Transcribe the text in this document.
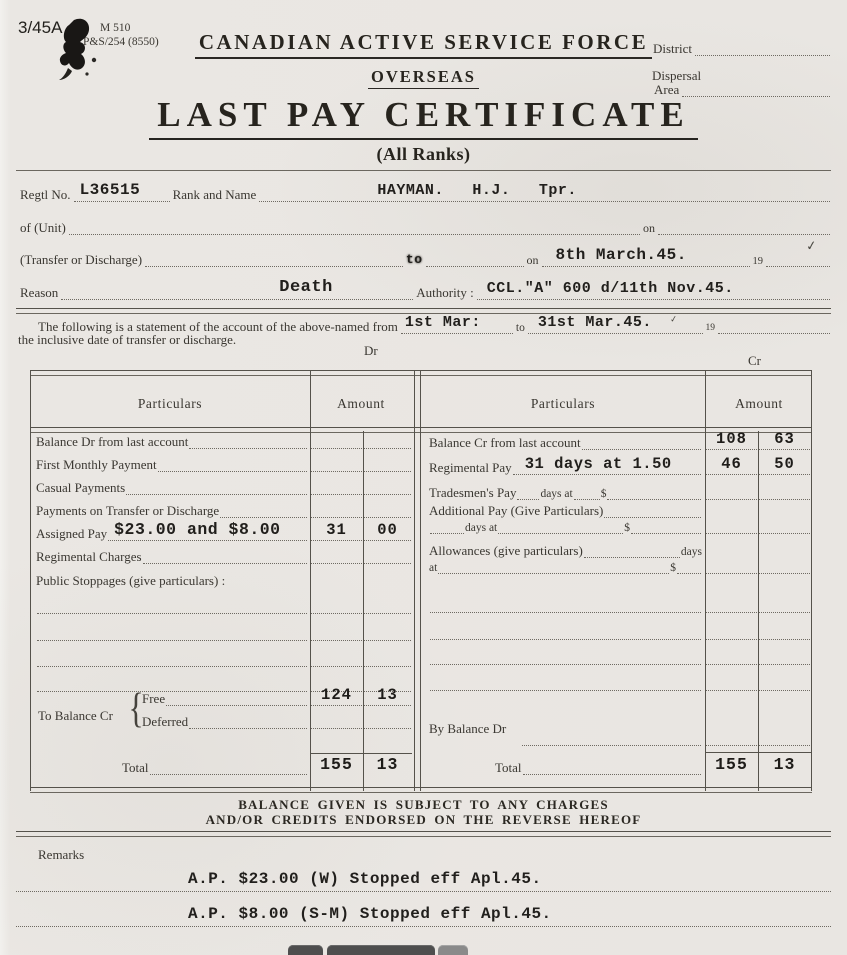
3/45A	M 510
P&S/254 (8550)	CANADIAN ACTIVE SERVICE FORCE
OVERSEAS
LAST PAY CERTIFICATE
(All Ranks)
District
Dispersal
Area
Regtl No. L36515 Rank and Name	HAYMAN.   H.J.   Tpr.
of (Unit)	on
(Transfer or Discharge)	to	on 8th March.45.	19
✓
Reason	Death	Authority : CCL."A" 600 d/11th Nov.45.
The following is a statement of the account of the above-named from 1st Mar:	to 31st Mar.45. ✓
19
the inclusive date of transfer or discharge.
Dr
Cr
Particulars	Amount	Particulars	Amount
Balance Dr from last account
First Monthly Payment
Casual Payments
Payments on Transfer or Discharge
Assigned Pay $23.00 and $8.00	31 00
Regimental Charges
Public Stoppages (give particulars) :
To Balance Cr {
Free	124 13
Deferred
Total	155 13
Balance Cr from last account	108 63
Regimental Pay 31 days at 1.50	46 50
Tradesmen's Pay days at $
Additional Pay (Give Particulars)
days at	$
Allowances (give particulars)	days
at	$
By Balance Dr
Total	155 13
BALANCE GIVEN IS SUBJECT TO ANY CHARGES
AND/OR CREDITS ENDORSED ON THE REVERSE HEREOF
Remarks
A.P. $23.00 (W) Stopped eff Apl.45.
A.P. $8.00 (S-M) Stopped eff Apl.45.
